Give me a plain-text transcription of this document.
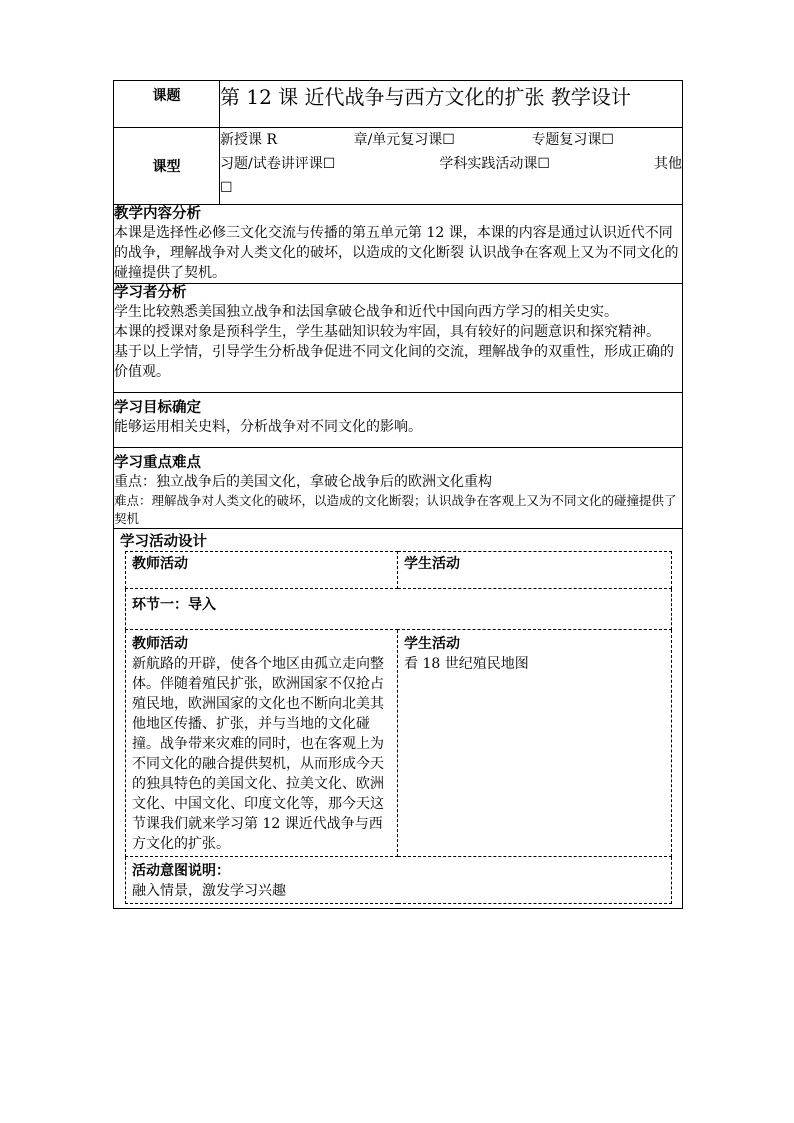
课题	第 12 课 近代战争与西方文化的扩张 教学设计
课型	
新授课 R	章/单元复习课☐	专题复习课☐
习题/试卷讲评课☐	学科实践活动课☐	其他
☐

教学内容分析

本课是选择性必修三文化交流与传播的第五单元第 12 课，本课的内容是通过认识近代不同的战争，理解战争对人类文化的破坏，以造成的文化断裂 认识战争在客观上又为不同文化的碰撞提供了契机。

学习者分析

学生比较熟悉美国独立战争和法国拿破仑战争和近代中国向西方学习的相关史实。

本课的授课对象是预科学生，学生基础知识较为牢固，具有较好的问题意识和探究精神。

基于以上学情，引导学生分析战争促进不同文化间的交流，理解战争的双重性，形成正确的价值观。

学习目标确定

能够运用相关史料，分析战争对不同文化的影响。

学习重点难点

重点：独立战争后的美国文化，拿破仑战争后的欧洲文化重构

难点：理解战争对人类文化的破坏，以造成的文化断裂；认识战争在客观上又为不同文化的碰撞提供了契机

学习活动设计
教师活动	学生活动
环节一：导入

教师活动
新航路的开辟，使各个地区由孤立走向整体。伴随着殖民扩张，欧洲国家不仅抢占殖民地，欧洲国家的文化也不断向北美其他地区传播、扩张，并与当地的文化碰撞。战争带来灾难的同时，也在客观上为不同文化的融合提供契机，从而形成今天的独具特色的美国文化、拉美文化、欧洲文化、中国文化、印度文化等，那今天这节课我们就来学习第 12 课近代战争与西方文化的扩张。

学生活动
看 18 世纪殖民地图

活动意图说明：
融入情景，激发学习兴趣
